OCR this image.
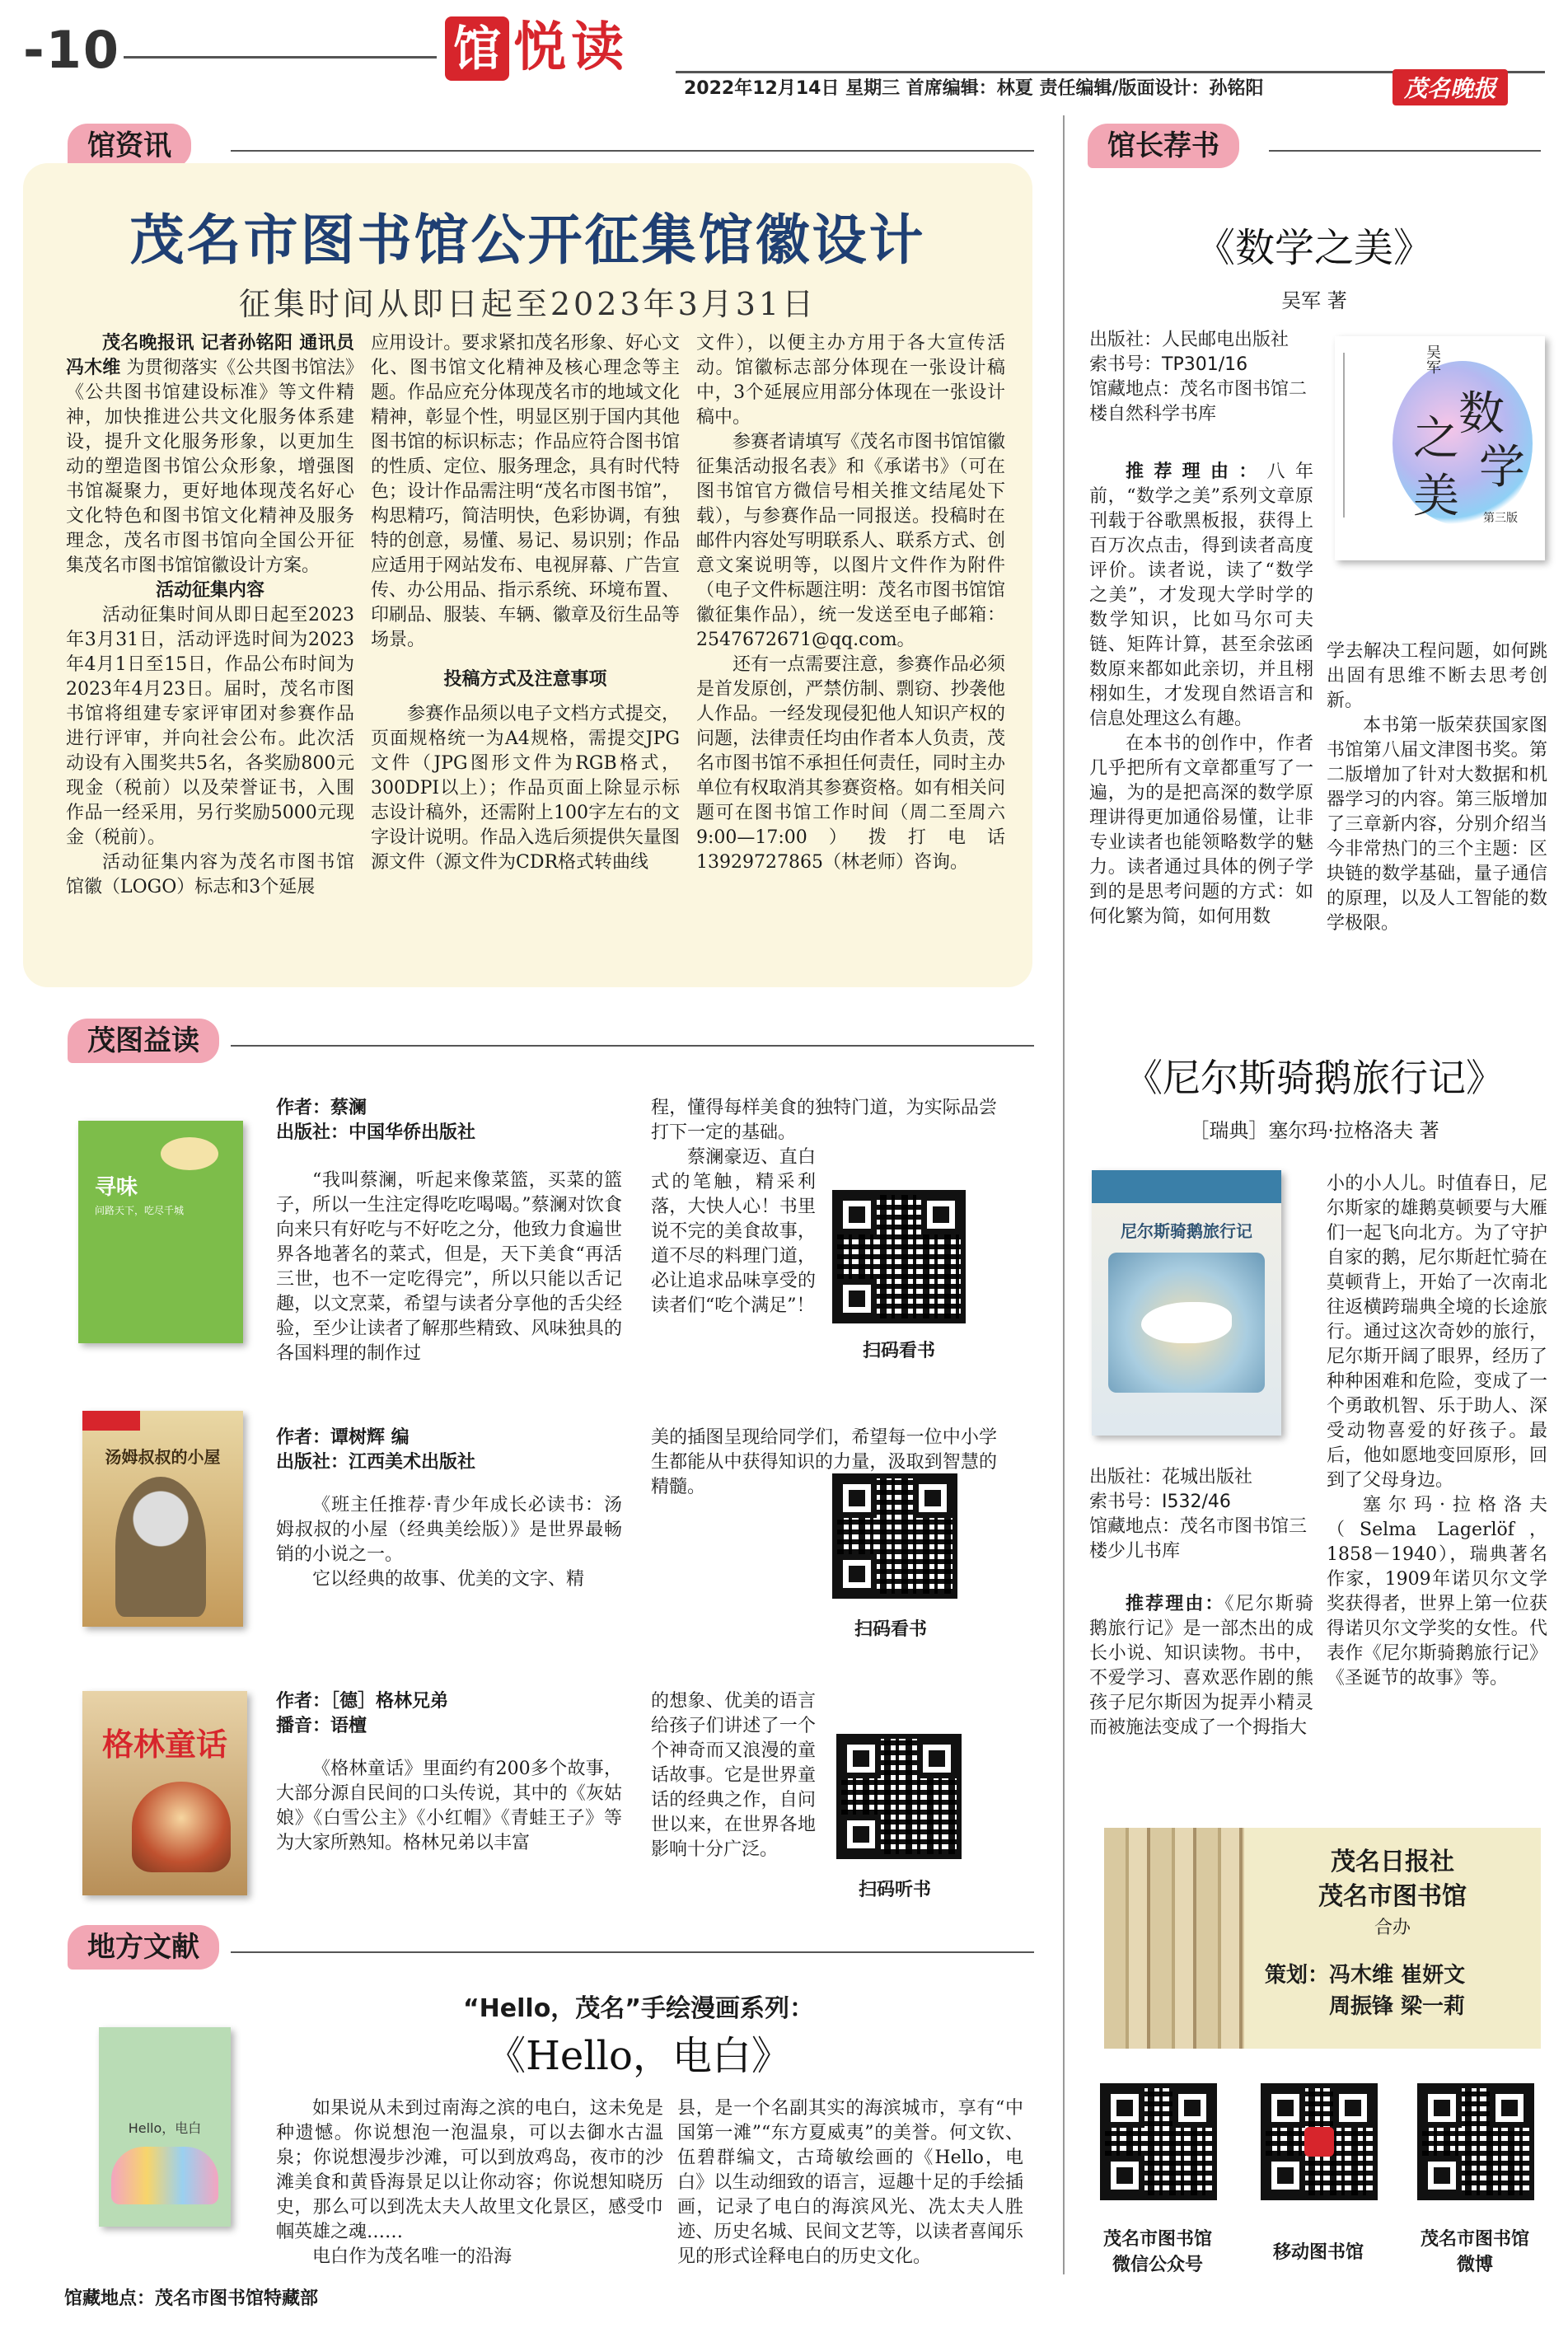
-10	馆 悦读
2022年12月14日 星期三 首席编辑：林夏 责任编辑/版面设计：孙铭阳	茂名晚报
馆资讯
茂名市图书馆公开征集馆徽设计
征集时间从即日起至2023年3月31日

茂名晚报讯 记者孙铭阳 通讯员冯木维 为贯彻落实《公共图书馆法》《公共图书馆建设标准》等文件精神，加快推进公共文化服务体系建设，提升文化服务形象，以更加生动的塑造图书馆公众形象，增强图书馆凝聚力，更好地体现茂名好心文化特色和图书馆文化精神及服务理念，茂名市图书馆向全国公开征集茂名市图书馆馆徽设计方案。

活动征集内容

活动征集时间从即日起至2023年3月31日，活动评选时间为2023年4月1日至15日，作品公布时间为2023年4月23日。届时，茂名市图书馆将组建专家评审团对参赛作品进行评审，并向社会公布。此次活动设有入围奖共5名，各奖励800元现金（税前）以及荣誉证书，入围作品一经采用，另行奖励5000元现金（税前）。

活动征集内容为茂名市图书馆馆徽（LOGO）标志和3个延展

应用设计。要求紧扣茂名形象、好心文化、图书馆文化精神及核心理念等主题。作品应充分体现茂名市的地域文化精神，彰显个性，明显区别于国内其他图书馆的标识标志；作品应符合图书馆的性质、定位、服务理念，具有时代特色；设计作品需注明“茂名市图书馆”，构思精巧，简洁明快，色彩协调，有独特的创意，易懂、易记、易识别；作品应适用于网站发布、电视屏幕、广告宣传、办公用品、指示系统、环境布置、印刷品、服装、车辆、徽章及衍生品等场景。

投稿方式及注意事项

参赛作品须以电子文档方式提交，页面规格统一为A4规格，需提交JPG文件（JPG图形文件为RGB格式，300DPI以上）；作品页面上除显示标志设计稿外，还需附上100字左右的文字设计说明。作品入选后须提供矢量图源文件（源文件为CDR格式转曲线

文件），以便主办方用于各大宣传活动。馆徽标志部分体现在一张设计稿中，3个延展应用部分体现在一张设计稿中。

参赛者请填写《茂名市图书馆馆徽征集活动报名表》和《承诺书》（可在图书馆官方微信号相关推文结尾处下载），与参赛作品一同报送。投稿时在邮件内容处写明联系人、联系方式、创意文案说明等，以图片文件作为附件（电子文件标题注明：茂名市图书馆馆徽征集作品），统一发送至电子邮箱：2547672671@qq.com。

还有一点需要注意，参赛作品必须是首发原创，严禁仿制、剽窃、抄袭他人作品。一经发现侵犯他人知识产权的问题，法律责任均由作者本人负责，茂名市图书馆不承担任何责任，同时主办单位有权取消其参赛资格。如有相关问题可在图书馆工作时间（周二至周六9:00—17:00）拨打电话13929727865（林老师）咨询。

馆长荐书
《数学之美》
吴军 著
出版社：人民邮电出版社
索书号：TP301/16
馆藏地点：茂名市图书馆二楼自然科学书库	数
学
之
美
吴军
第三版

推荐理由：八年前，“数学之美”系列文章原刊载于谷歌黑板报，获得上百万次点击，得到读者高度评价。读者说，读了“数学之美”，才发现大学时学的数学知识，比如马尔可夫链、矩阵计算，甚至余弦函数原来都如此亲切，并且栩栩如生，才发现自然语言和信息处理这么有趣。

在本书的创作中，作者几乎把所有文章都重写了一遍，为的是把高深的数学原理讲得更加通俗易懂，让非专业读者也能领略数学的魅力。读者通过具体的例子学到的是思考问题的方式：如何化繁为简，如何用数

学去解决工程问题，如何跳出固有思维不断去思考创新。

本书第一版荣获国家图书馆第八届文津图书奖。第二版增加了针对大数据和机器学习的内容。第三版增加了三章新内容，分别介绍当今非常热门的三个主题：区块链的数学基础，量子通信的原理，以及人工智能的数学极限。

《尼尔斯骑鹅旅行记》
［瑞典］塞尔玛·拉格洛夫 著
尼尔斯骑鹅旅行记
出版社：花城出版社
索书号：I532/46
馆藏地点：茂名市图书馆三楼少儿书库

推荐理由：《尼尔斯骑鹅旅行记》是一部杰出的成长小说、知识读物。书中，不爱学习、喜欢恶作剧的熊孩子尼尔斯因为捉弄小精灵而被施法变成了一个拇指大

小的小人儿。时值春日，尼尔斯家的雄鹅莫顿要与大雁们一起飞向北方。为了守护自家的鹅，尼尔斯赶忙骑在莫顿背上，开始了一次南北往返横跨瑞典全境的长途旅行。通过这次奇妙的旅行，尼尔斯开阔了眼界，经历了种种困难和危险，变成了一个勇敢机智、乐于助人、深受动物喜爱的好孩子。最后，他如愿地变回原形，回到了父母身边。

塞尔玛·拉格洛夫（Selma Lagerlöf，1858－1940），瑞典著名作家，1909年诺贝尔文学奖获得者，世界上第一位获得诺贝尔文学奖的女性。代表作《尼尔斯骑鹅旅行记》《圣诞节的故事》等。

茂名日报社
茂名市图书馆
合办
策划：冯木维 崔妍文
周振锋 梁一莉
茂名市图书馆
微信公众号
移动图书馆
茂名市图书馆
微博
茂图益读
寻味
问路天下，吃尽千城
作者：蔡澜
出版社：中国华侨出版社

“我叫蔡澜，听起来像菜篮，买菜的篮子，所以一生注定得吃吃喝喝。”蔡澜对饮食向来只有好吃与不好吃之分，他致力食遍世界各地著名的菜式，但是，天下美食“再活三世，也不一定吃得完”，所以只能以舌记趣，以文烹菜，希望与读者分享他的舌尖经验，至少让读者了解那些精致、风味独具的各国料理的制作过

程，懂得每样美食的独特门道，为实际品尝打下一定的基础。

蔡澜豪迈、直白式的笔触，精采利落，大快人心！书里说不完的美食故事，道不尽的料理门道，必让追求品味享受的读者们“吃个满足”！

扫码看书
汤姆叔叔的小屋
作者：谭树辉 编
出版社：江西美术出版社

《班主任推荐·青少年成长必读书：汤姆叔叔的小屋（经典美绘版）》是世界最畅销的小说之一。

它以经典的故事、优美的文字、精

美的插图呈现给同学们，希望每一位中小学生都能从中获得知识的力量，汲取到智慧的精髓。

扫码看书
格林童话
作者：［德］格林兄弟
播音：语檀

《格林童话》里面约有200多个故事，大部分源自民间的口头传说，其中的《灰姑娘》《白雪公主》《小红帽》《青蛙王子》等为大家所熟知。格林兄弟以丰富

的想象、优美的语言给孩子们讲述了一个个神奇而又浪漫的童话故事。它是世界童话的经典之作，自问世以来，在世界各地影响十分广泛。

扫码听书
地方文献
“Hello，茂名”手绘漫画系列：
《Hello，电白》
Hello，电白
馆藏地点：茂名市图书馆特藏部

如果说从未到过南海之滨的电白，这未免是种遗憾。你说想泡一泡温泉，可以去御水古温泉；你说想漫步沙滩，可以到放鸡岛，夜市的沙滩美食和黄昏海景足以让你动容；你说想知晓历史，那么可以到冼太夫人故里文化景区，感受巾帼英雄之魂……

电白作为茂名唯一的沿海

县，是一个名副其实的海滨城市，享有“中国第一滩”“东方夏威夷”的美誉。何文钦、伍碧群编文，古琦敏绘画的《Hello，电白》以生动细致的语言，逗趣十足的手绘插画，记录了电白的海滨风光、冼太夫人胜迹、历史名城、民间文艺等，以读者喜闻乐见的形式诠释电白的历史文化。
